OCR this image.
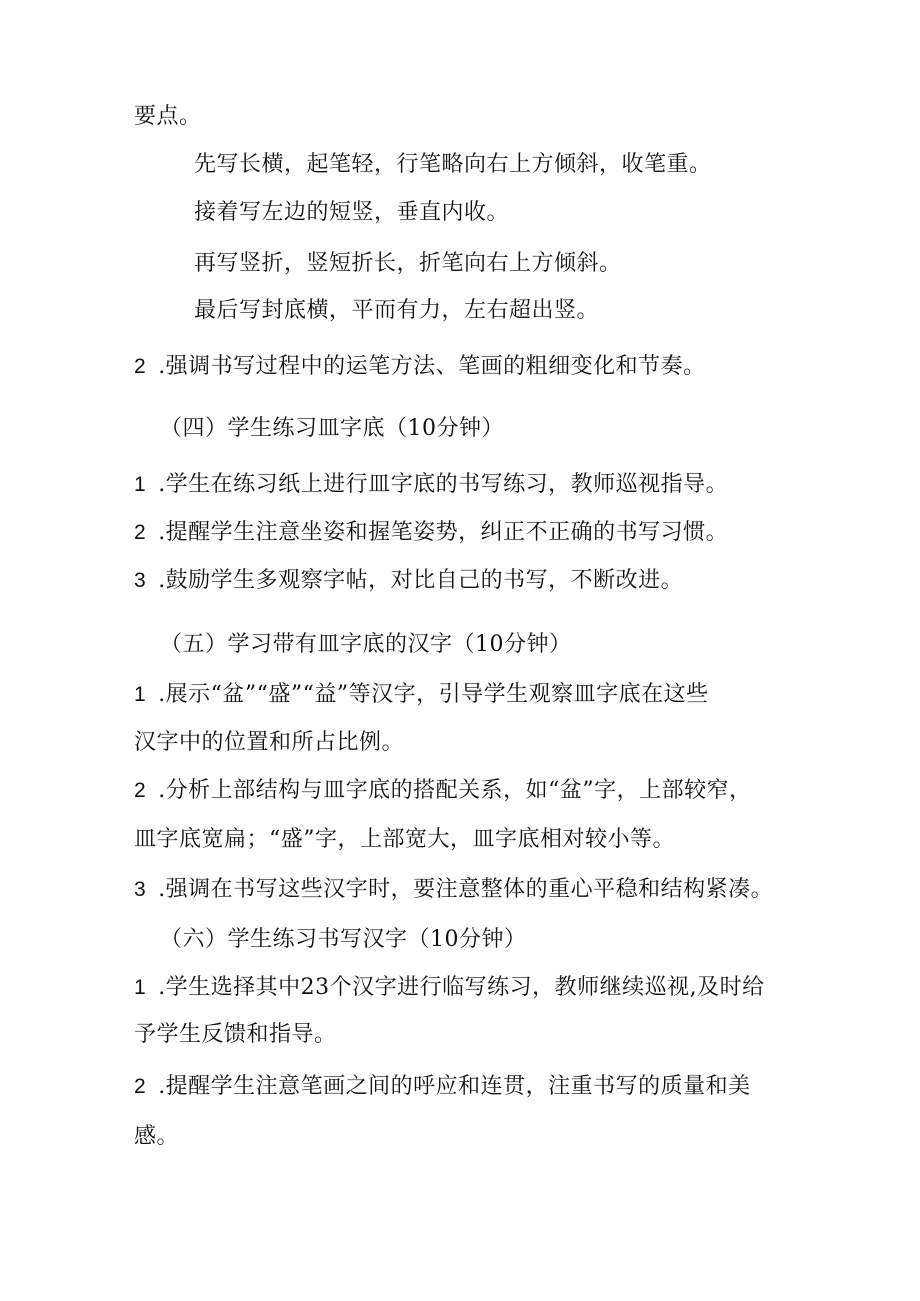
要点。
先写长横，起笔轻，行笔略向右上方倾斜，收笔重。
接着写左边的短竖，垂直内收。
再写竖折，竖短折长，折笔向右上方倾斜。
最后写封底横，平而有力，左右超出竖。
2 .强调书写过程中的运笔方法、笔画的粗细变化和节奏。
（四）学生练习皿字底（10分钟）
1 .学生在练习纸上进行皿字底的书写练习，教师巡视指导。
2 .提醒学生注意坐姿和握笔姿势，纠正不正确的书写习惯。
3 .鼓励学生多观察字帖，对比自己的书写，不断改进。
（五）学习带有皿字底的汉字（10分钟）
1 .展示“盆”“盛”“益”等汉字，引导学生观察皿字底在这些
汉字中的位置和所占比例。
2 .分析上部结构与皿字底的搭配关系，如“盆”字，上部较窄，
皿字底宽扁；“盛”字，上部宽大，皿字底相对较小等。
3 .强调在书写这些汉字时，要注意整体的重心平稳和结构紧凑。
（六）学生练习书写汉字（10分钟）
1 .学生选择其中23个汉字进行临写练习，教师继续巡视,及时给
予学生反馈和指导。
2 .提醒学生注意笔画之间的呼应和连贯，注重书写的质量和美
感。
